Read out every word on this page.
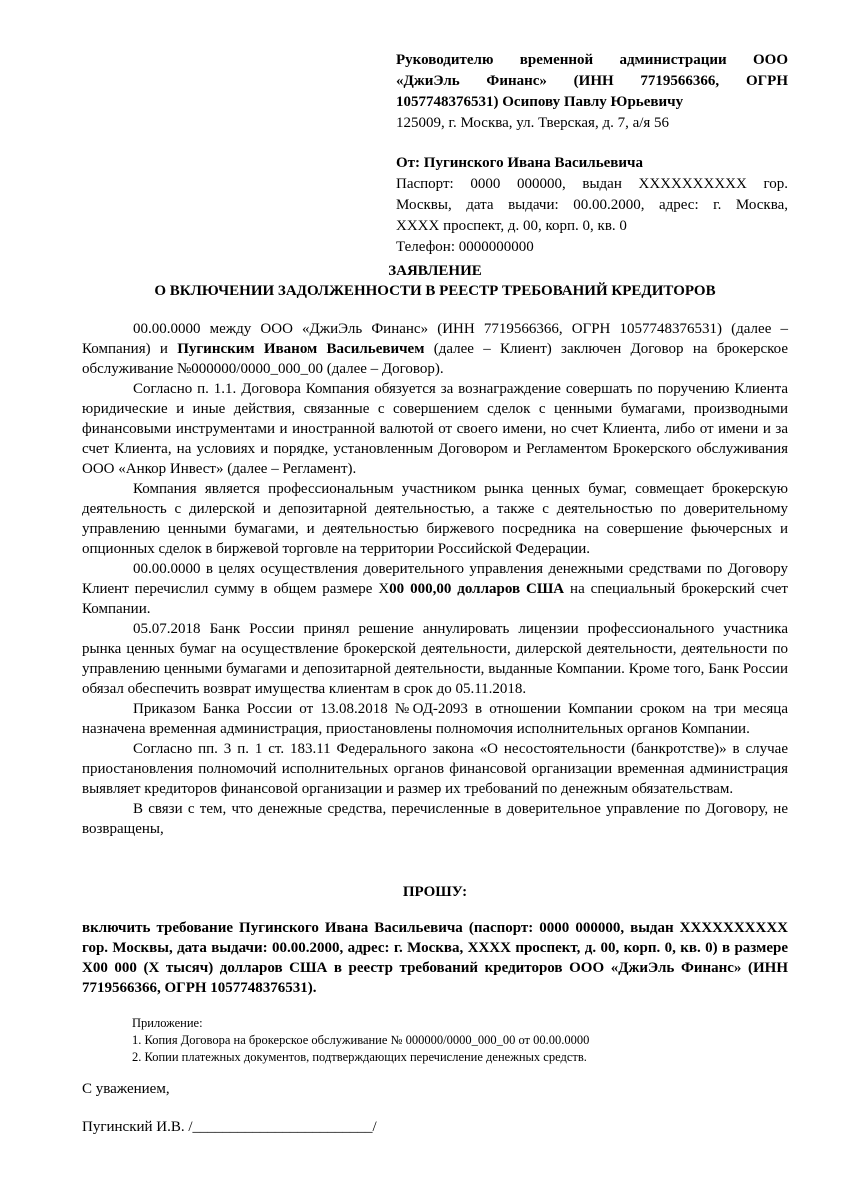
Руководителю временной администрации ООО
«ДжиЭль Финанс» (ИНН 7719566366, ОГРН
1057748376531) Осипову Павлу Юрьевичу
125009, г. Москва, ул. Тверская, д. 7, а/я 56
От: Пугинского Ивана Васильевича
Паспорт: 0000 000000, выдан ХХХХХХХХХХ гор.
Москвы, дата выдачи: 00.00.2000, адрес: г. Москва,
ХХХХ проспект, д. 00, корп. 0, кв. 0
Телефон: 0000000000
ЗАЯВЛЕНИЕ
О ВКЛЮЧЕНИИ ЗАДОЛЖЕННОСТИ В РЕЕСТР ТРЕБОВАНИЙ КРЕДИТОРОВ

00.00.0000 между ООО «ДжиЭль Финанс» (ИНН 7719566366, ОГРН 1057748376531) (далее – Компания) и Пугинским Иваном Васильевичем (далее – Клиент) заключен Договор на брокерское обслуживание №000000/0000_000_00 (далее – Договор).

Согласно п. 1.1. Договора Компания обязуется за вознаграждение совершать по поручению Клиента юридические и иные действия, связанные с совершением сделок с ценными бумагами, производными финансовыми инструментами и иностранной валютой от своего имени, но счет Клиента, либо от имени и за счет Клиента, на условиях и порядке, установленным Договором и Регламентом Брокерского обслуживания ООО «Анкор Инвест» (далее – Регламент).

Компания является профессиональным участником рынка ценных бумаг, совмещает брокерскую деятельность с дилерской и депозитарной деятельностью, а также с деятельностью по доверительному управлению ценными бумагами, и деятельностью биржевого посредника на совершение фьючерсных и опционных сделок в биржевой торговле на территории Российской Федерации.

00.00.0000 в целях осуществления доверительного управления денежными средствами по Договору Клиент перечислил сумму в общем размере Х00 000,00 долларов США на специальный брокерский счет Компании.

05.07.2018 Банк России принял решение аннулировать лицензии профессионального участника рынка ценных бумаг на осуществление брокерской деятельности, дилерской деятельности, деятельности по управлению ценными бумагами и депозитарной деятельности, выданные Компании. Кроме того, Банк России обязал обеспечить возврат имущества клиентам в срок до 05.11.2018.

Приказом Банка России от 13.08.2018 №ОД-2093 в отношении Компании сроком на три месяца назначена временная администрация, приостановлены полномочия исполнительных органов Компании.

Согласно пп. 3 п. 1 ст. 183.11 Федерального закона «О несостоятельности (банкротстве)» в случае приостановления полномочий исполнительных органов финансовой организации временная администрация выявляет кредиторов финансовой организации и размер их требований по денежным обязательствам.

В связи с тем, что денежные средства, перечисленные в доверительное управление по Договору, не возвращены,

ПРОШУ:
включить требование Пугинского Ивана Васильевича (паспорт: 0000 000000, выдан ХХХХХХХХХХ гор. Москвы, дата выдачи: 00.00.2000, адрес: г. Москва, ХХХХ проспект, д. 00, корп. 0, кв. 0) в размере Х00 000 (Х тысяч) долларов США в реестр требований кредиторов ООО «ДжиЭль Финанс» (ИНН 7719566366, ОГРН 1057748376531).
Приложение:
1. Копия Договора на брокерское обслуживание № 000000/0000_000_00 от 00.00.0000
2. Копии платежных документов, подтверждающих перечисление денежных средств.
С уважением,
Пугинский И.В. /________________________/
